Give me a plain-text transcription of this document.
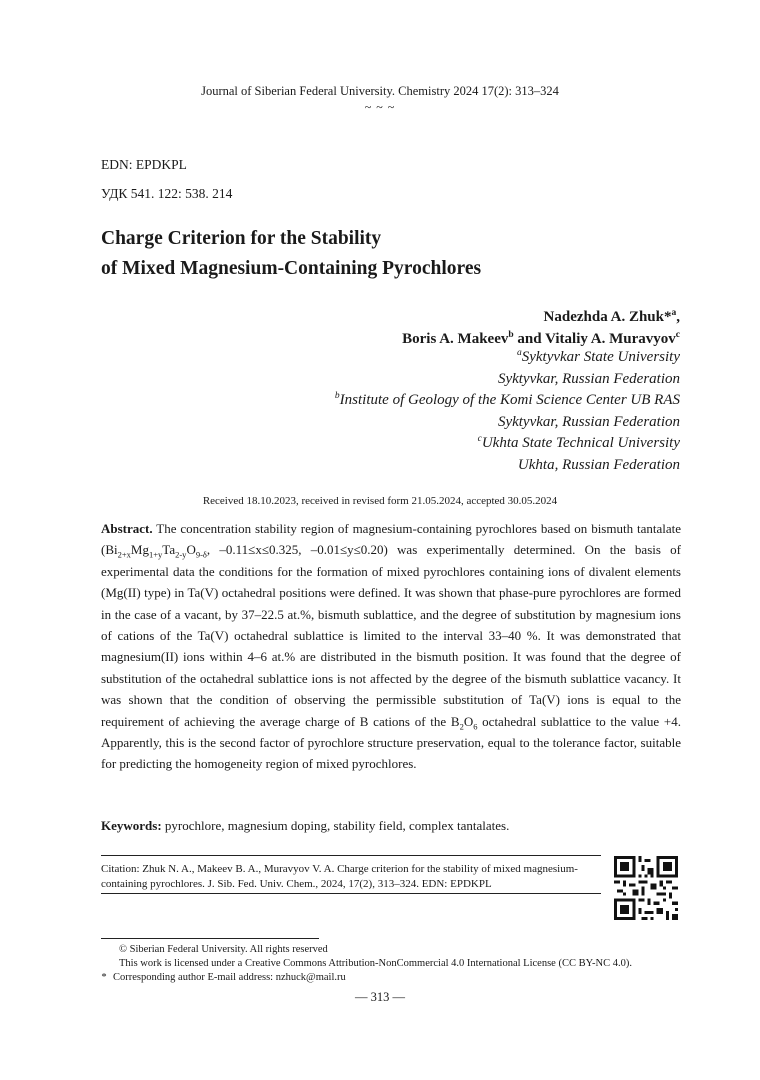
Journal of Siberian Federal University. Chemistry 2024 17(2): 313–324
~ ~ ~
EDN: EPDKPL
УДК 541. 122: 538. 214
Charge Criterion for the Stability
of Mixed Magnesium-Containing Pyrochlores
Nadezhda A. Zhuk*$^a$,
Boris A. Makeev$^b$ and Vitaliy A. Muravyov$^c$
$^a$Syktyvkar State University
Syktyvkar, Russian Federation
$^b$Institute of Geology of the Komi Science Center UB RAS
Syktyvkar, Russian Federation
$^c$Ukhta State Technical University
Ukhta, Russian Federation
Received 18.10.2023, received in revised form 21.05.2024, accepted 30.05.2024
Abstract. The concentration stability region of magnesium-containing pyrochlores based on bismuth tantalate ($Bi_{2+x}Mg_{1+y}Ta_{2-y}O_{9-\delta}$, –0.11≤x≤0.325, –0.01≤y≤0.20) was experimentally determined. On the basis of experimental data the conditions for the formation of mixed pyrochlores containing ions of divalent elements (Mg(II) type) in Ta(V) octahedral positions were defined. It was shown that phase-pure pyrochlores are formed in the case of a vacant, by 37–22.5 at.%, bismuth sublattice, and the degree of substitution by magnesium ions of cations of the Ta(V) octahedral sublattice is limited to the interval 33–40 %. It was demonstrated that magnesium(II) ions within 4–6 at.% are distributed in the bismuth position. It was found that the degree of substitution of the octahedral sublattice ions is not affected by the degree of the bismuth sublattice vacancy. It was shown that the condition of observing the permissible substitution of Ta(V) ions is equal to the requirement of achieving the average charge of B cations of the $B_2O_6$ octahedral sublattice to the value +4. Apparently, this is the second factor of pyrochlore structure preservation, equal to the tolerance factor, suitable for predicting the homogeneity region of mixed pyrochlores.
Keywords: pyrochlore, magnesium doping, stability field, complex tantalates.
Citation: Zhuk N. A., Makeev B. A., Muravyov V. A. Charge criterion for the stability of mixed magnesium-containing pyrochlores. J. Sib. Fed. Univ. Chem., 2024, 17(2), 313–324. EDN: EPDKPL
© Siberian Federal University. All rights reserved
This work is licensed under a Creative Commons Attribution-NonCommercial 4.0 International License (CC BY-NC 4.0).
* Corresponding author E-mail address: nzhuck@mail.ru
— 313 —
